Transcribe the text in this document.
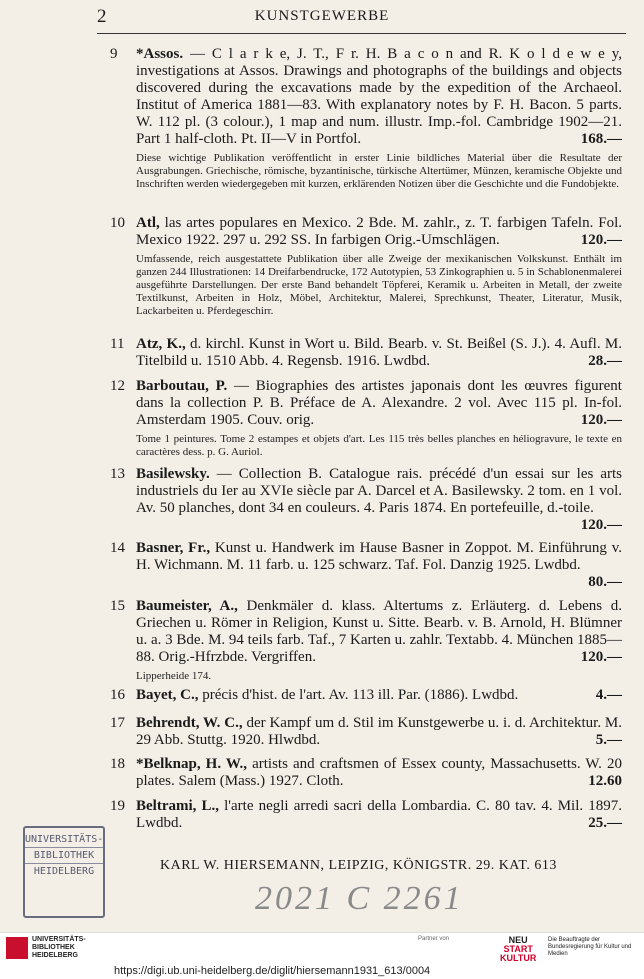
2	KUNSTGEWERBE
9	*Assos. — C l a r k e, J. T., F r. H. B a c o n and R. K o l d e w e y, investigations at Assos. Drawings and photographs of the buildings and objects discovered during the excavations made by the expedition of the Archaeol. Institut of America 1881—83. With explanatory notes by F. H. Bacon. 5 parts. W. 112 pl. (3 colour.), 1 map and num. illustr. Imp.-fol. Cambridge 1902—21. Part 1 half-cloth. Pt. II—V in Portfol.	168.—
Diese wichtige Publikation veröffentlicht in erster Linie bildliches Material über die Resultate der Ausgrabungen. Griechische, römische, byzantinische, türkische Altertümer, Münzen, keramische Objekte und Inschriften werden wiedergegeben mit kurzen, erklärenden Notizen über die Geschichte und die Fundobjekte.
10 Atl, las artes populares en Mexico. 2 Bde. M. zahlr., z. T. farbigen Tafeln. Fol. Mexico 1922. 297 u. 292 SS. In farbigen Orig.-Umschlägen.	120.—
Umfassende, reich ausgestattete Publikation über alle Zweige der mexikanischen Volkskunst. Enthält im ganzen 244 Illustrationen: 14 Dreifarbendrucke, 172 Autotypien, 53 Zinkographien u. 5 in Schablonenmalerei ausgeführte Darstellungen. Der erste Band behandelt Töpferei, Keramik u. Arbeiten in Metall, der zweite Textilkunst, Arbeiten in Holz, Möbel, Architektur, Malerei, Sprechkunst, Theater, Literatur, Musik, Lackarbeiten u. Pferdegeschirr.
11 Atz, K., d. kirchl. Kunst in Wort u. Bild. Bearb. v. St. Beißel (S. J.). 4. Aufl. M. Titelbild u. 1510 Abb. 4. Regensb. 1916. Lwdbd.	28.—
12 Barboutau, P. — Biographies des artistes japonais dont les œuvres figurent dans la collection P. B. Préface de A. Alexandre. 2 vol. Avec 115 pl. In-fol. Amsterdam 1905. Couv. orig.	120.—
Tome 1 peintures. Tome 2 estampes et objets d'art. Les 115 très belles planches en héliogravure, le texte en caractères dess. p. G. Auriol.
13 Basilewsky. — Collection B. Catalogue rais. précédé d'un essai sur les arts industriels du Ier au XVIe siècle par A. Darcel et A. Basilewsky. 2 tom. en 1 vol. Av. 50 planches, dont 34 en couleurs. 4. Paris 1874. En portefeuille, d.-toile.
120.—
14 Basner, Fr., Kunst u. Handwerk im Hause Basner in Zoppot. M. Einführung v. H. Wichmann. M. 11 farb. u. 125 schwarz. Taf. Fol. Danzig 1925. Lwdbd.
80.—
15 Baumeister, A., Denkmäler d. klass. Altertums z. Erläuterg. d. Lebens d. Griechen u. Römer in Religion, Kunst u. Sitte. Bearb. v. B. Arnold, H. Blümner u. a. 3 Bde. M. 94 teils farb. Taf., 7 Karten u. zahlr. Textabb. 4. München 1885—88. Orig.-Hfrzbde. Vergriffen.	120.—
Lipperheide 174.
16 Bayet, C., précis d'hist. de l'art. Av. 113 ill. Par. (1886). Lwdbd.	4.—
17 Behrendt, W. C., der Kampf um d. Stil im Kunstgewerbe u. i. d. Architektur. M. 29 Abb. Stuttg. 1920. Hlwdbd.	5.—
18 *Belknap, H. W., artists and craftsmen of Essex county, Massachusetts. W. 20 plates. Salem (Mass.) 1927. Cloth.	12.60
19 Beltrami, L., l'arte negli arredi sacri della Lombardia. C. 80 tav. 4. Mil. 1897. Lwdbd.	25.—
UNIVERSITÄTS-
BIBLIOTHEK
HEIDELBERG	KARL W. HIERSEMANN, LEIPZIG, KÖNIGSTR. 29. KAT. 613
2021 C 2261
UNIVERSITÄTS- BIBLIOTHEK HEIDELBERG
Partner von	NEU
START
KULTUR
Die Beauftragte der Bundesregierung für Kultur und Medien
https://digi.ub.uni-heidelberg.de/diglit/hiersemann1931_613/0004
